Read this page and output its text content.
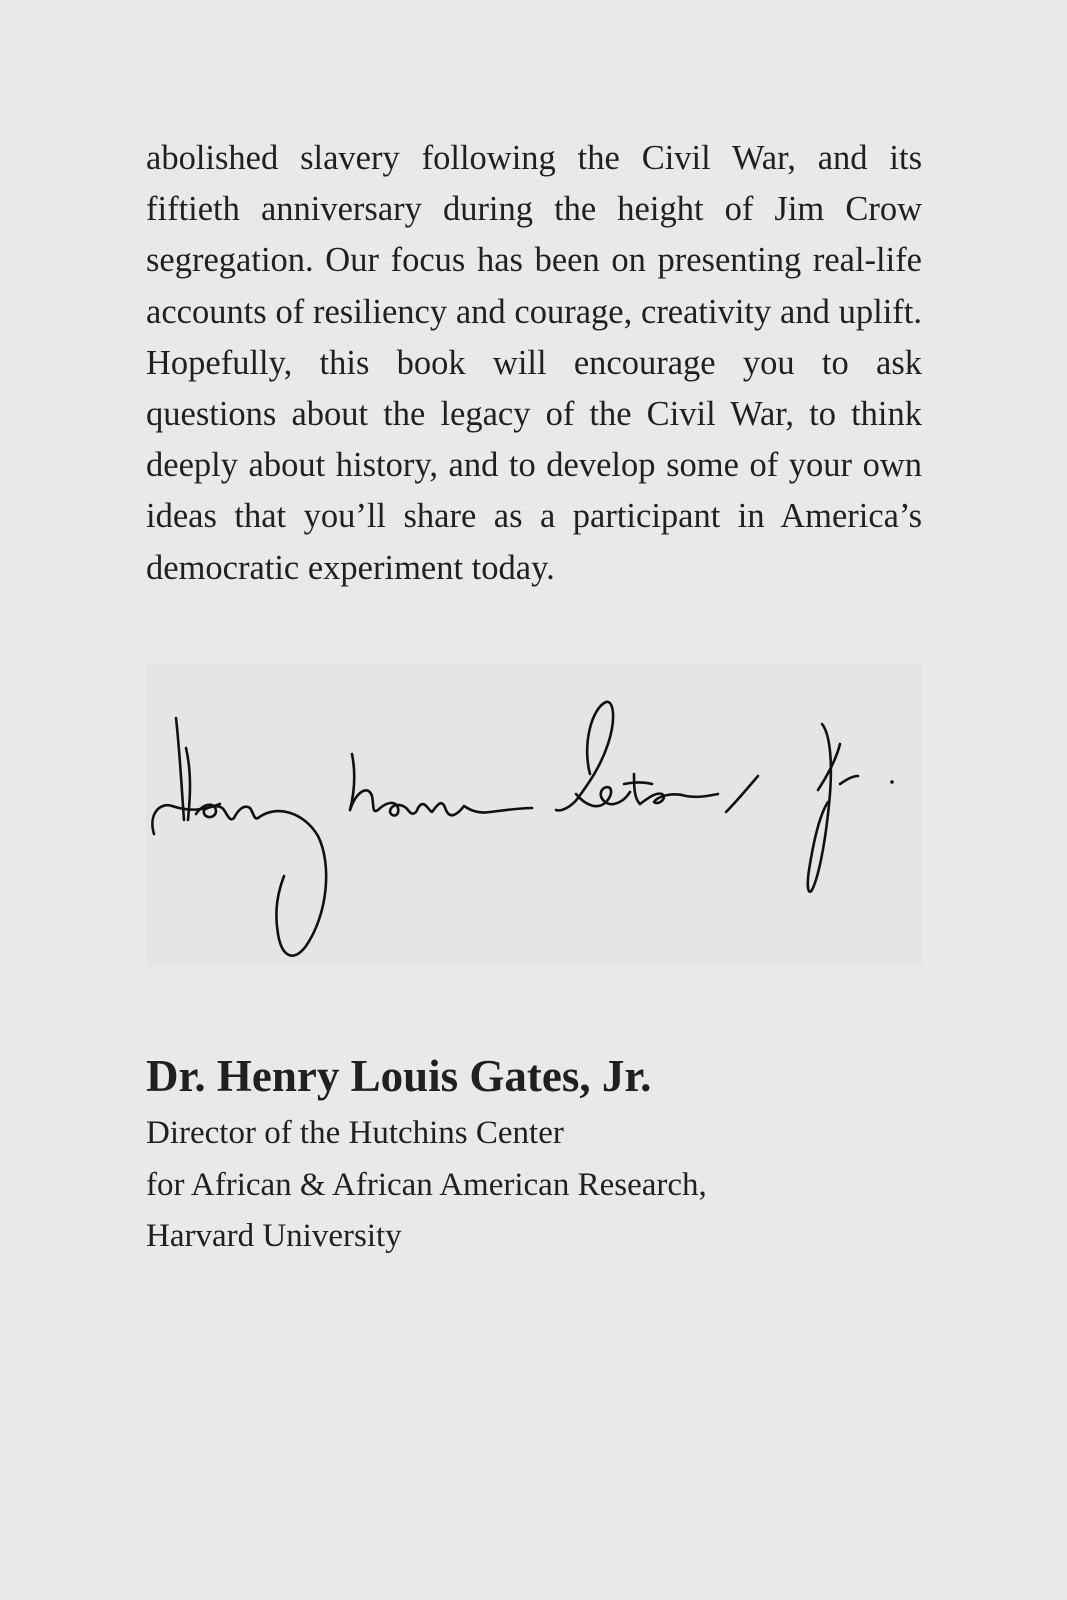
abolished slavery following the Civil War, and its fiftieth anniversary during the height of Jim Crow segregation. Our focus has been on presenting real-life accounts of resiliency and courage, creativity and uplift. Hopefully, this book will encourage you to ask questions about the legacy of the Civil War, to think deeply about history, and to develop some of your own ideas that you’ll share as a participant in America’s democratic experiment today.

Dr. Henry Louis Gates, Jr.

Director of the Hutchins Center
for African & African American Research,
Harvard University
